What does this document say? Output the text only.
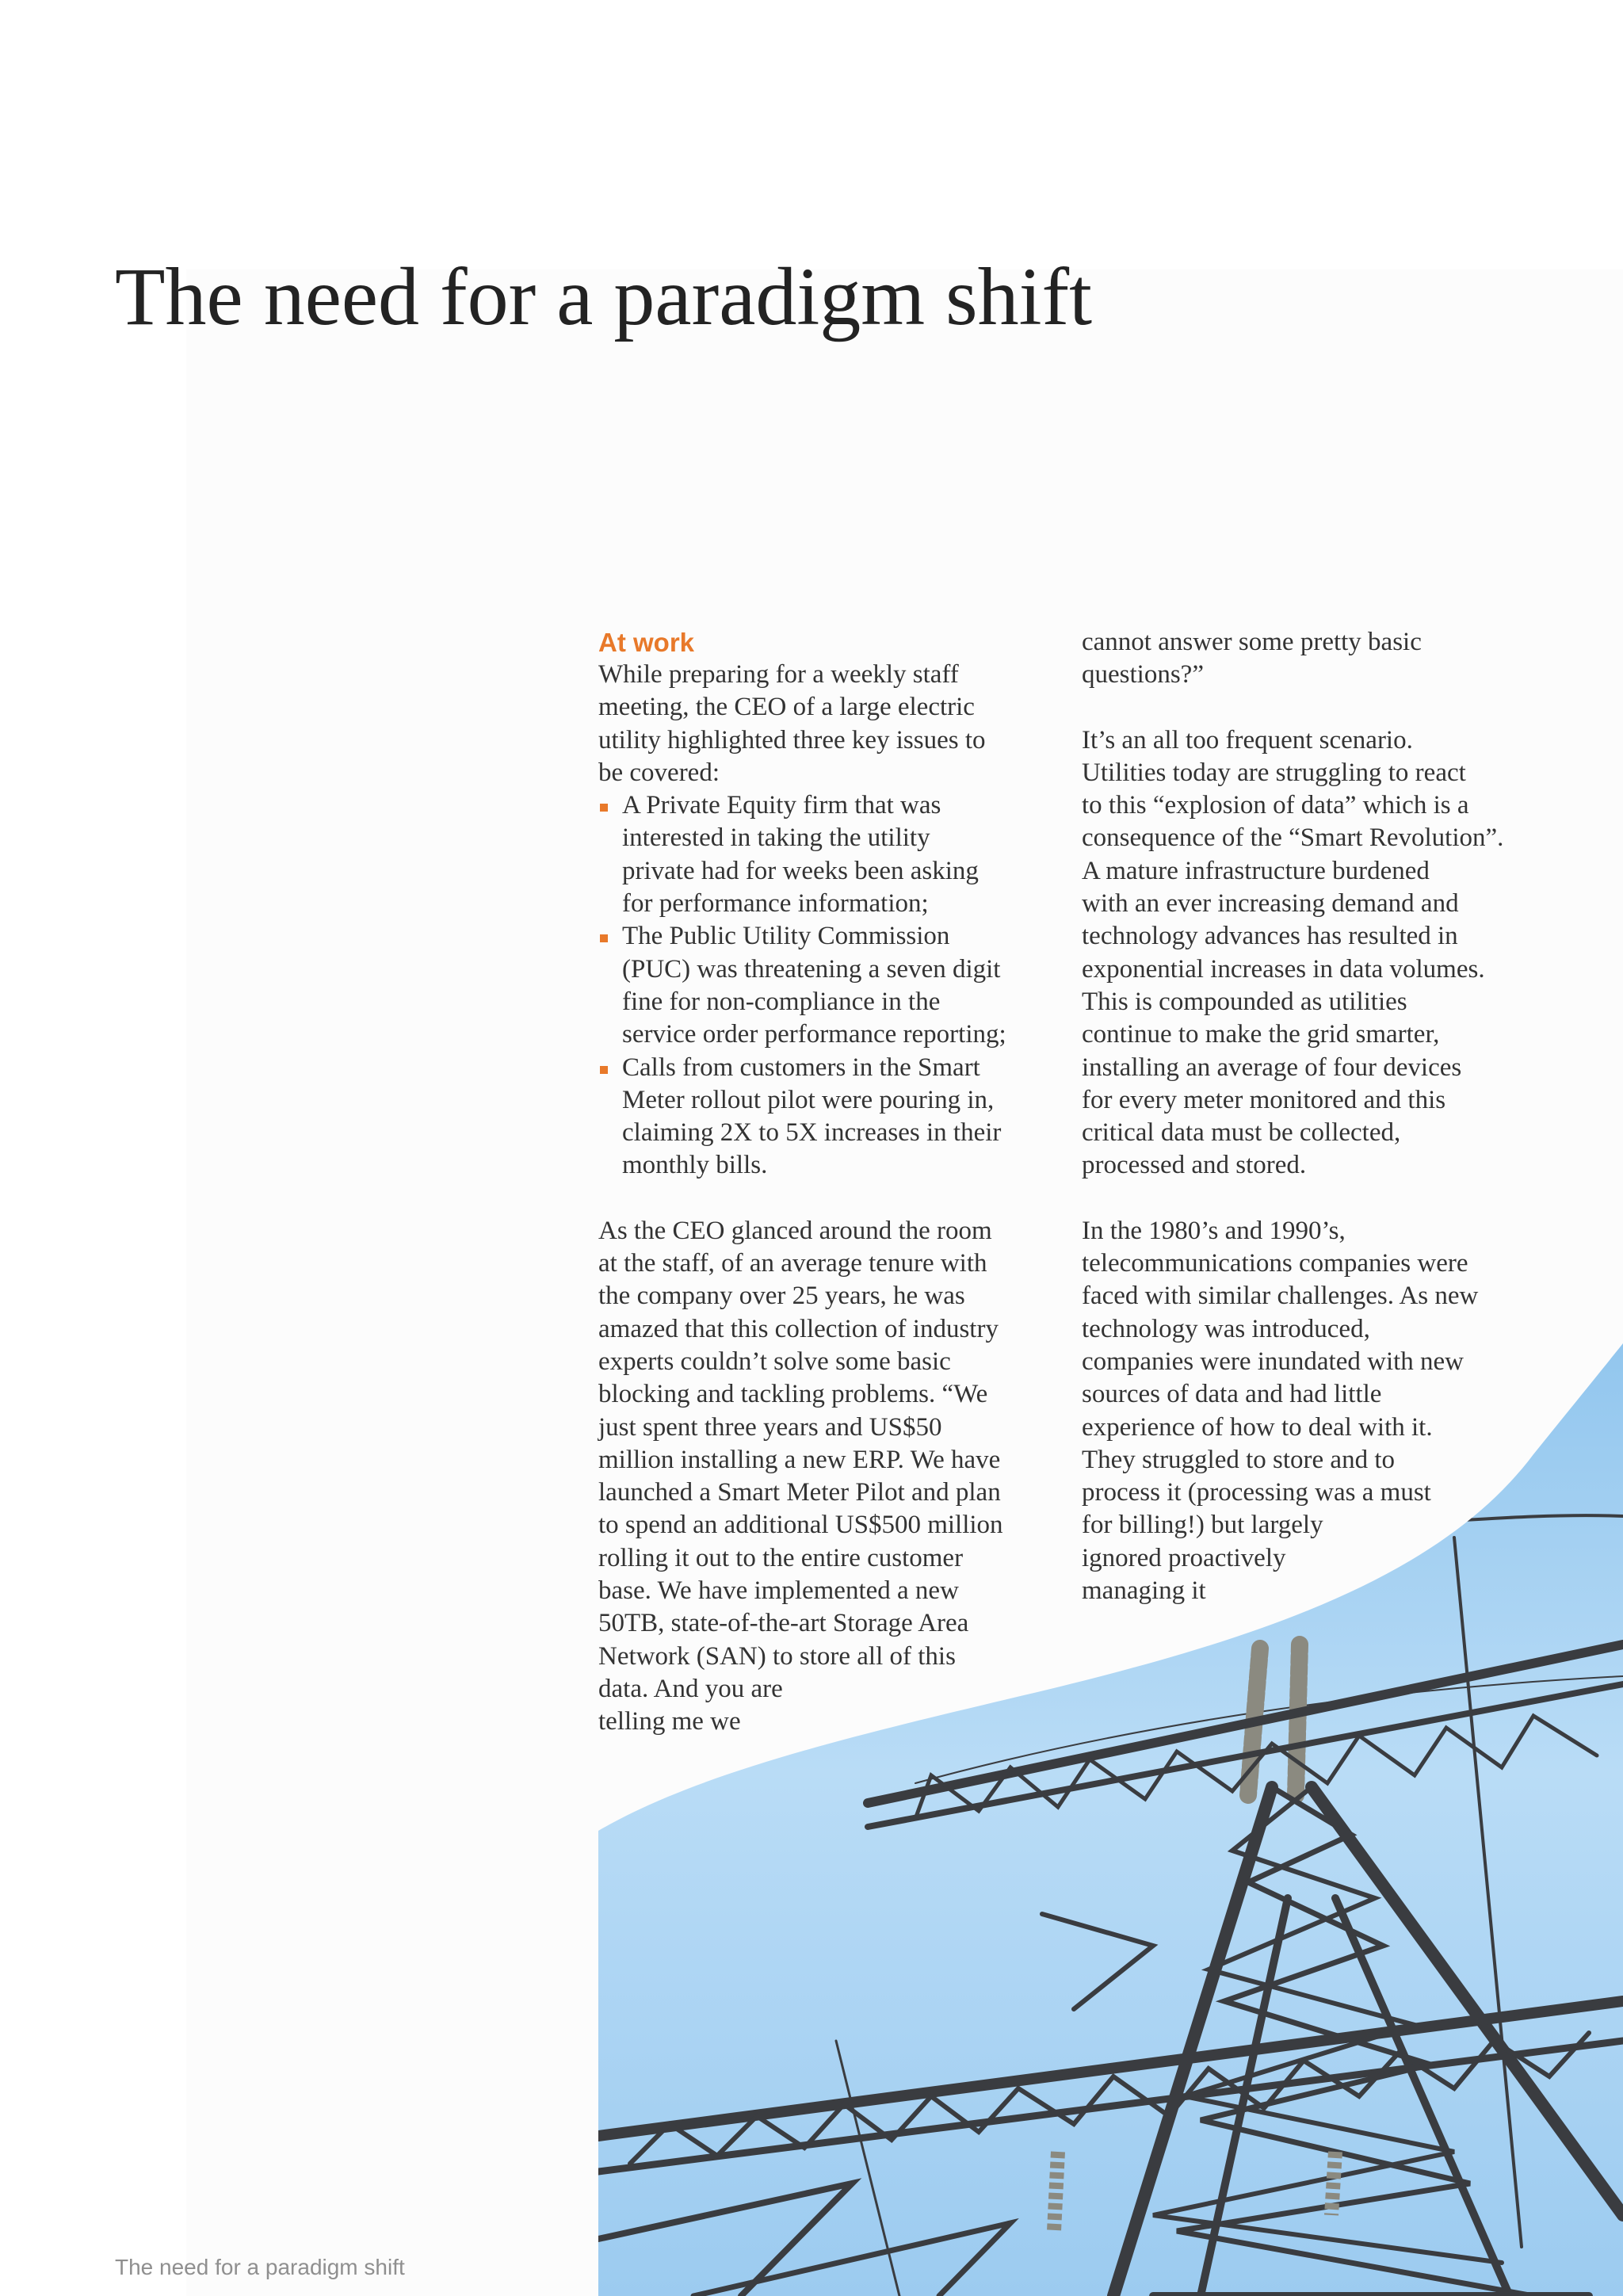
The need for a paradigm shift

At work

While preparing for a weekly staff
meeting, the CEO of a large electric
utility highlighted three key issues to
be covered:

A Private Equity firm that was
interested in taking the utility
private had for weeks been asking
for performance information;
The Public Utility Commission
(PUC) was threatening a seven digit
fine for non-compliance in the
service order performance reporting;
Calls from customers in the Smart
Meter rollout pilot were pouring in,
claiming 2X to 5X increases in their
monthly bills.

As the CEO glanced around the room
at the staff, of an average tenure with
the company over 25 years, he was
amazed that this collection of industry
experts couldn’t solve some basic
blocking and tackling problems. “We
just spent three years and US$50
million installing a new ERP. We have
launched a Smart Meter Pilot and plan
to spend an additional US$500 million
rolling it out to the entire customer
base. We have implemented a new
50TB, state-of-the-art Storage Area
Network (SAN) to store all of this
data. And you are
telling me we

cannot answer some pretty basic
questions?”

It’s an all too frequent scenario.
Utilities today are struggling to react
to this “explosion of data” which is a
consequence of the “Smart Revolution”.
A mature infrastructure burdened
with an ever increasing demand and
technology advances has resulted in
exponential increases in data volumes.
This is compounded as utilities
continue to make the grid smarter,
installing an average of four devices
for every meter monitored and this
critical data must be collected,
processed and stored.

In the 1980’s and 1990’s,
telecommunications companies were
faced with similar challenges. As new
technology was introduced,
companies were inundated with new
sources of data and had little
experience of how to deal with it.
They struggled to store and to
process it (processing was a must
for billing!) but largely
ignored proactively
managing it

The need for a paradigm shift
